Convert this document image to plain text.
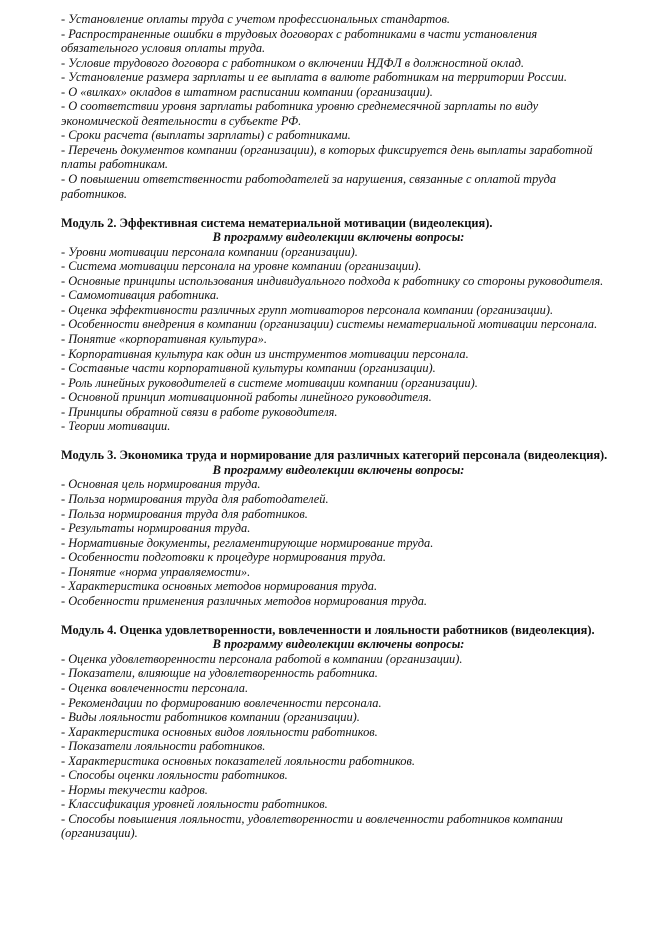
- Установление оплаты труда с учетом профессиональных стандартов.

- Распространенные ошибки в трудовых договорах с работниками в части установления обязательного условия оплаты труда.

- Условие трудового договора с работником о включении НДФЛ в должностной оклад.

- Установление размера зарплаты и ее выплата в валюте работникам на территории России.

- О «вилках» окладов в штатном расписании компании (организации).

- О соответствии уровня зарплаты работника уровню среднемесячной зарплаты по виду экономической деятельности в субъекте РФ.

- Сроки расчета (выплаты зарплаты) с работниками.

- Перечень документов компании (организации), в которых фиксируется день выплаты заработной платы работникам.

- О повышении ответственности работодателей за нарушения, связанные с оплатой труда работников.

Модуль 2. Эффективная система нематериальной мотивации (видеолекция).

В программу видеолекции включены вопросы:

- Уровни мотивации персонала компании (организации).

- Система мотивации персонала на уровне компании (организации).

- Основные принципы использования индивидуального подхода к работнику со стороны руководителя.

- Самомотивация работника.

- Оценка эффективности различных групп мотиваторов персонала компании (организации).

- Особенности внедрения в компании (организации) системы нематериальной мотивации персонала.

- Понятие «корпоративная культура».

- Корпоративная культура как один из инструментов мотивации персонала.

- Составные части корпоративной культуры компании (организации).

- Роль линейных руководителей в системе мотивации компании (организации).

- Основной принцип мотивационной работы линейного руководителя.

- Принципы обратной связи в работе руководителя.

- Теории мотивации.

Модуль 3. Экономика труда и нормирование для различных категорий персонала (видеолекция).

В программу видеолекции включены вопросы:

- Основная цель нормирования труда.

- Польза нормирования труда для работодателей.

- Польза нормирования труда для работников.

- Результаты нормирования труда.

- Нормативные документы, регламентирующие нормирование труда.

- Особенности подготовки к процедуре нормирования труда.

- Понятие «норма управляемости».

- Характеристика основных методов нормирования труда.

- Особенности применения различных методов нормирования труда.

Модуль 4. Оценка удовлетворенности, вовлеченности и лояльности работников (видеолекция).

В программу видеолекции включены вопросы:

- Оценка удовлетворенности персонала работой в компании (организации).

- Показатели, влияющие на удовлетворенность работника.

- Оценка вовлеченности персонала.

- Рекомендации по формированию вовлеченности персонала.

- Виды лояльности работников компании (организации).

- Характеристика основных видов лояльности работников.

- Показатели лояльности работников.

- Характеристика основных показателей лояльности работников.

- Способы оценки лояльности работников.

- Нормы текучести кадров.

- Классификация уровней лояльности работников.

- Способы повышения лояльности, удовлетворенности и вовлеченности работников компании (организации).
